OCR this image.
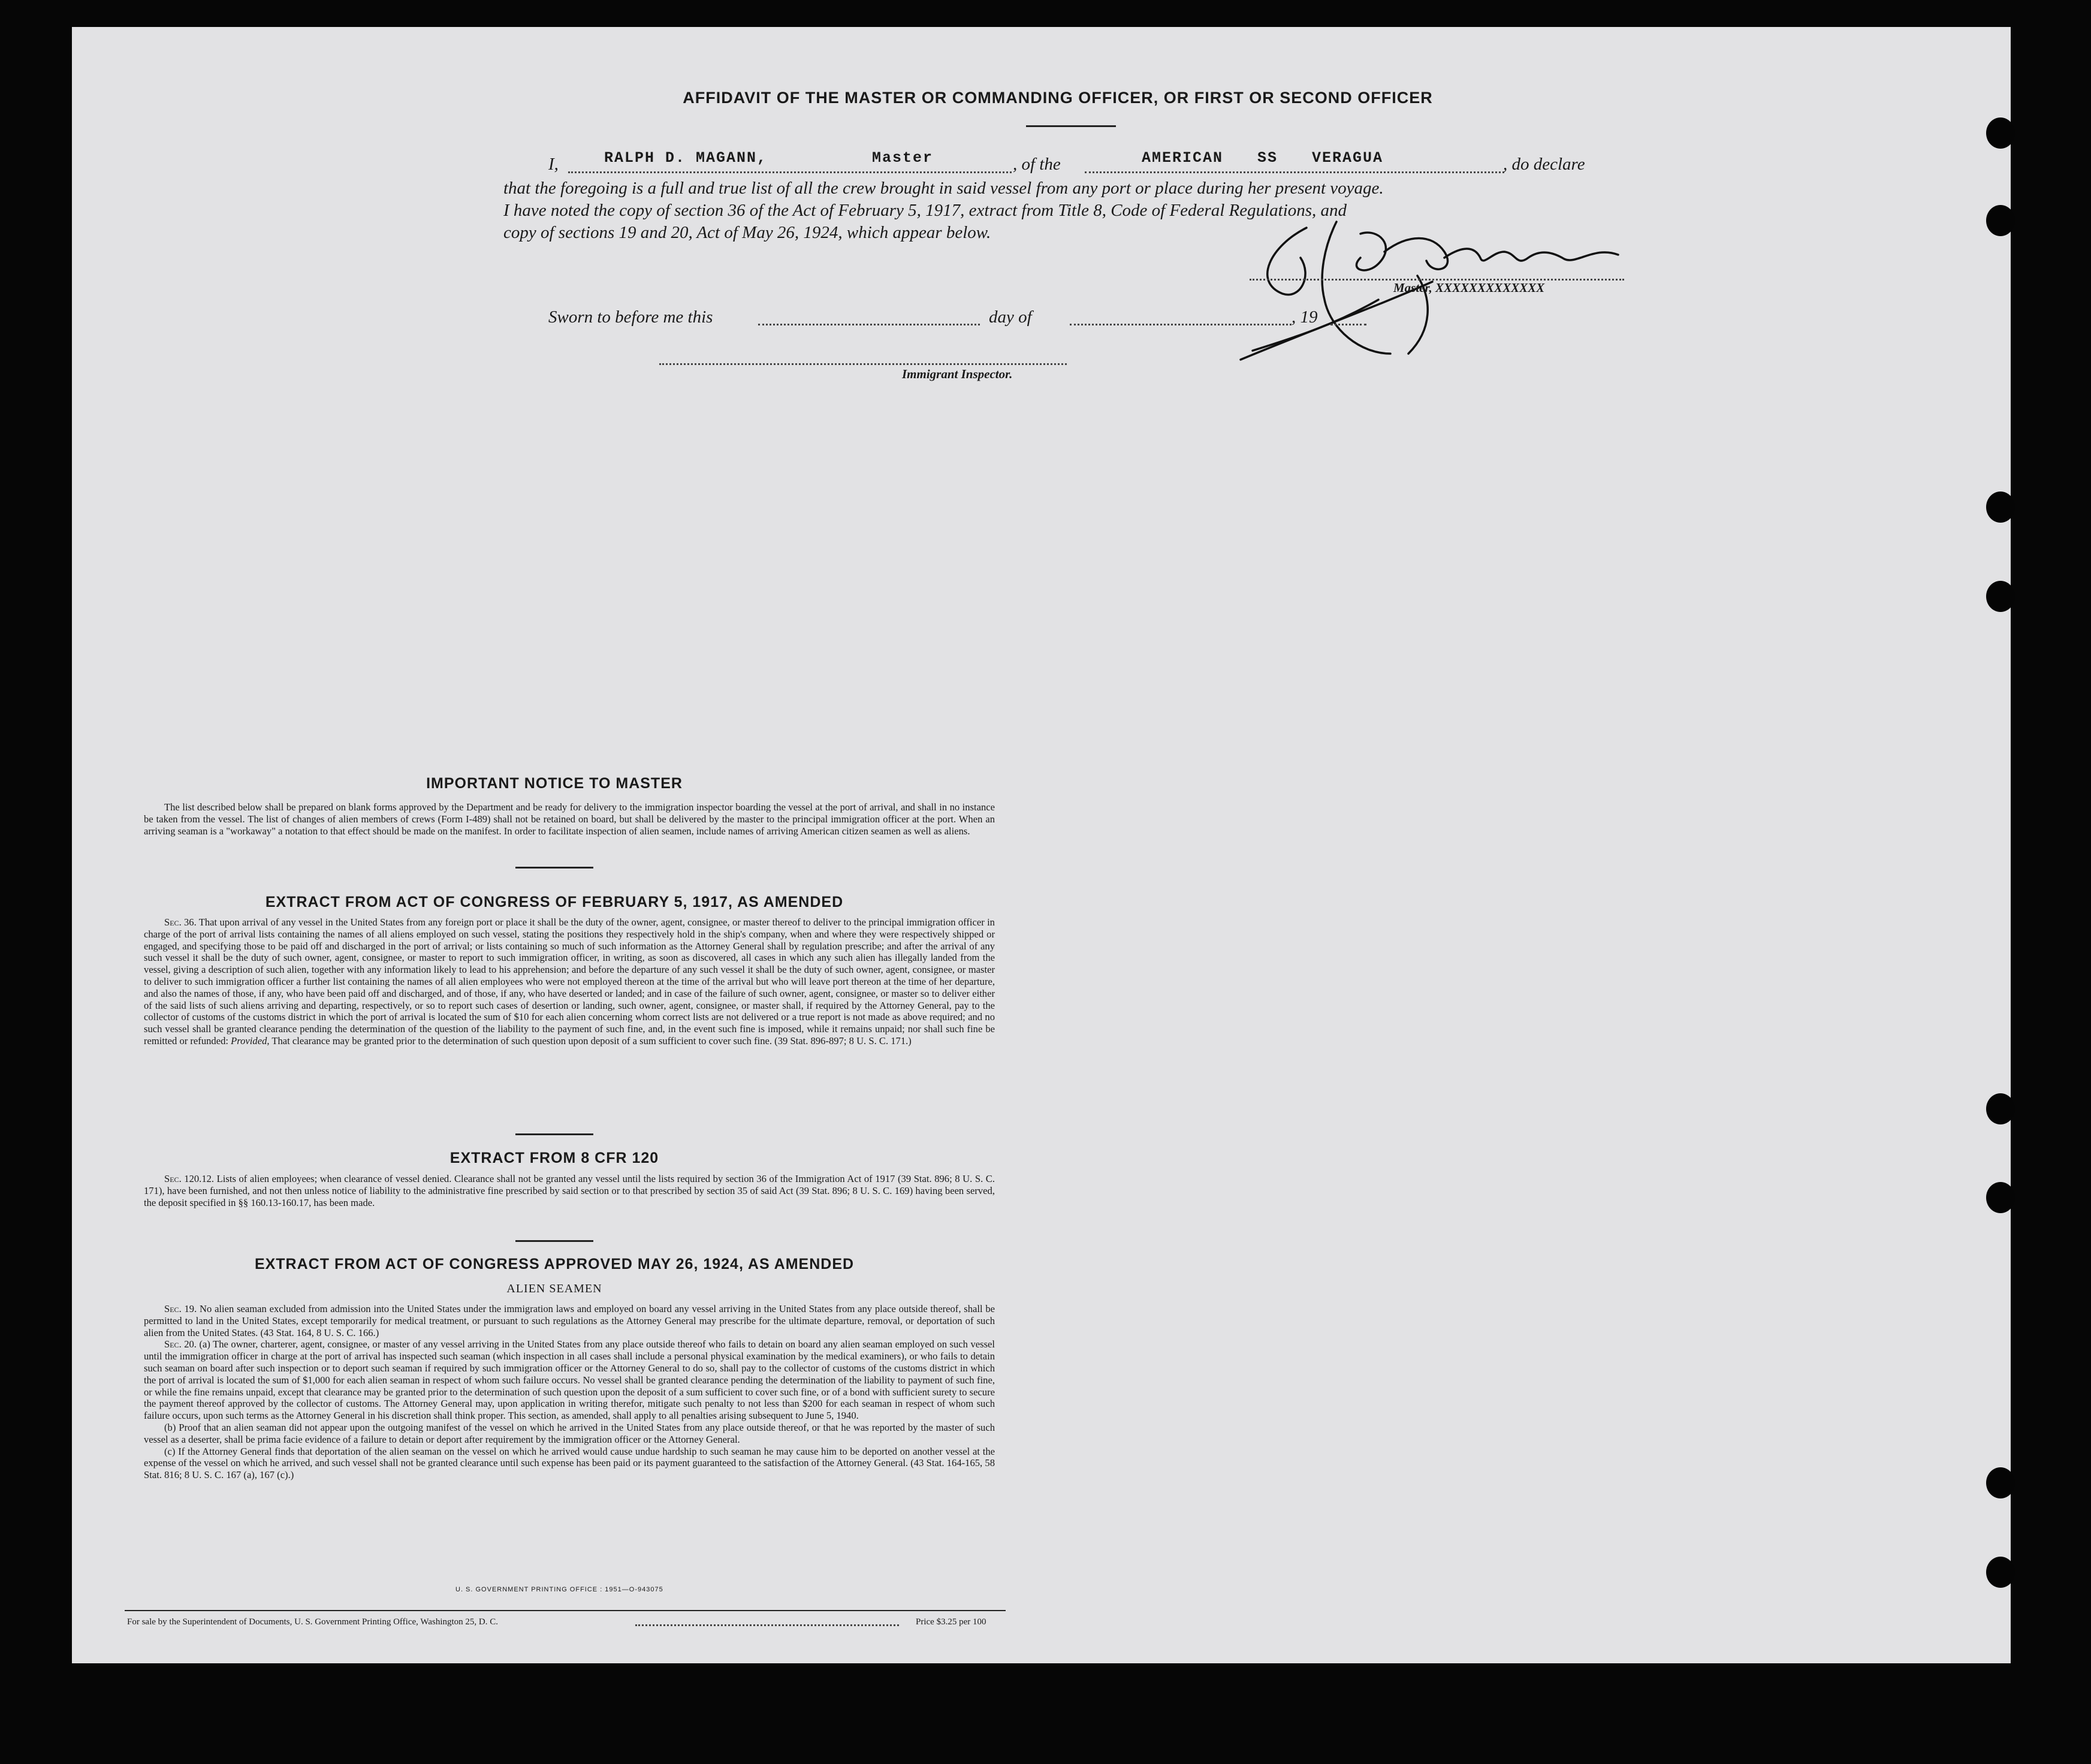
AFFIDAVIT OF THE MASTER OR COMMANDING OFFICER, OR FIRST OR SECOND OFFICER
I,	RALPH D. MAGANN,	Master	, of the	AMERICAN SS VERAGUA	, do declare
that the foregoing is a full and true list of all the crew brought in said vessel from any port or place during her present voyage.
I have noted the copy of section 36 of the Act of February 5, 1917, extract from Title 8, Code of Federal Regulations, and
copy of sections 19 and 20, Act of May 26, 1924, which appear below.
Master, XXXXXXXXXXXXX
Sworn to before me this	day of	, 19
Immigrant Inspector.
IMPORTANT NOTICE TO MASTER
The list described below shall be prepared on blank forms approved by the Department and be ready for delivery to the immigration inspector boarding the vessel at the port of arrival, and shall in no instance be taken from the vessel. The list of changes of alien members of crews (Form I-489) shall not be retained on board, but shall be delivered by the master to the principal immigration officer at the port. When an arriving seaman is a "workaway" a notation to that effect should be made on the manifest. In order to facilitate inspection of alien seamen, include names of arriving American citizen seamen as well as aliens.
EXTRACT FROM ACT OF CONGRESS OF FEBRUARY 5, 1917, AS AMENDED
Sec. 36. That upon arrival of any vessel in the United States from any foreign port or place it shall be the duty of the owner, agent, consignee, or master thereof to deliver to the principal immigration officer in charge of the port of arrival lists containing the names of all aliens employed on such vessel, stating the positions they respectively hold in the ship's company, when and where they were respectively shipped or engaged, and specifying those to be paid off and discharged in the port of arrival; or lists containing so much of such information as the Attorney General shall by regulation prescribe; and after the arrival of any such vessel it shall be the duty of such owner, agent, consignee, or master to report to such immigration officer, in writing, as soon as discovered, all cases in which any such alien has illegally landed from the vessel, giving a description of such alien, together with any information likely to lead to his apprehension; and before the departure of any such vessel it shall be the duty of such owner, agent, consignee, or master to deliver to such immigration officer a further list containing the names of all alien employees who were not employed thereon at the time of the arrival but who will leave port thereon at the time of her departure, and also the names of those, if any, who have been paid off and discharged, and of those, if any, who have deserted or landed; and in case of the failure of such owner, agent, consignee, or master so to deliver either of the said lists of such aliens arriving and departing, respectively, or so to report such cases of desertion or landing, such owner, agent, consignee, or master shall, if required by the Attorney General, pay to the collector of customs of the customs district in which the port of arrival is located the sum of $10 for each alien concerning whom correct lists are not delivered or a true report is not made as above required; and no such vessel shall be granted clearance pending the determination of the question of the liability to the payment of such fine, and, in the event such fine is imposed, while it remains unpaid; nor shall such fine be remitted or refunded: Provided, That clearance may be granted prior to the determination of such question upon deposit of a sum sufficient to cover such fine. (39 Stat. 896-897; 8 U. S. C. 171.)
EXTRACT FROM 8 CFR 120
Sec. 120.12. Lists of alien employees; when clearance of vessel denied. Clearance shall not be granted any vessel until the lists required by section 36 of the Immigration Act of 1917 (39 Stat. 896; 8 U. S. C. 171), have been furnished, and not then unless notice of liability to the administrative fine prescribed by said section or to that prescribed by section 35 of said Act (39 Stat. 896; 8 U. S. C. 169) having been served, the deposit specified in §§ 160.13-160.17, has been made.
EXTRACT FROM ACT OF CONGRESS APPROVED MAY 26, 1924, AS AMENDED
ALIEN SEAMEN

Sec. 19. No alien seaman excluded from admission into the United States under the immigration laws and employed on board any vessel arriving in the United States from any place outside thereof, shall be permitted to land in the United States, except temporarily for medical treatment, or pursuant to such regulations as the Attorney General may prescribe for the ultimate departure, removal, or deportation of such alien from the United States. (43 Stat. 164, 8 U. S. C. 166.)

Sec. 20. (a) The owner, charterer, agent, consignee, or master of any vessel arriving in the United States from any place outside thereof who fails to detain on board any alien seaman employed on such vessel until the immigration officer in charge at the port of arrival has inspected such seaman (which inspection in all cases shall include a personal physical examination by the medical examiners), or who fails to detain such seaman on board after such inspection or to deport such seaman if required by such immigration officer or the Attorney General to do so, shall pay to the collector of customs of the customs district in which the port of arrival is located the sum of $1,000 for each alien seaman in respect of whom such failure occurs. No vessel shall be granted clearance pending the determination of the liability to payment of such fine, or while the fine remains unpaid, except that clearance may be granted prior to the determination of such question upon the deposit of a sum sufficient to cover such fine, or of a bond with sufficient surety to secure the payment thereof approved by the collector of customs. The Attorney General may, upon application in writing therefor, mitigate such penalty to not less than $200 for each seaman in respect of whom such failure occurs, upon such terms as the Attorney General in his discretion shall think proper. This section, as amended, shall apply to all penalties arising subsequent to June 5, 1940.

(b) Proof that an alien seaman did not appear upon the outgoing manifest of the vessel on which he arrived in the United States from any place outside thereof, or that he was reported by the master of such vessel as a deserter, shall be prima facie evidence of a failure to detain or deport after requirement by the immigration officer or the Attorney General.

(c) If the Attorney General finds that deportation of the alien seaman on the vessel on which he arrived would cause undue hardship to such seaman he may cause him to be deported on another vessel at the expense of the vessel on which he arrived, and such vessel shall not be granted clearance until such expense has been paid or its payment guaranteed to the satisfaction of the Attorney General. (43 Stat. 164-165, 58 Stat. 816; 8 U. S. C. 167 (a), 167 (c).)

U. S. GOVERNMENT PRINTING OFFICE : 1951—O-943075
For sale by the Superintendent of Documents, U. S. Government Printing Office, Washington 25, D. C.	Price $3.25 per 100
